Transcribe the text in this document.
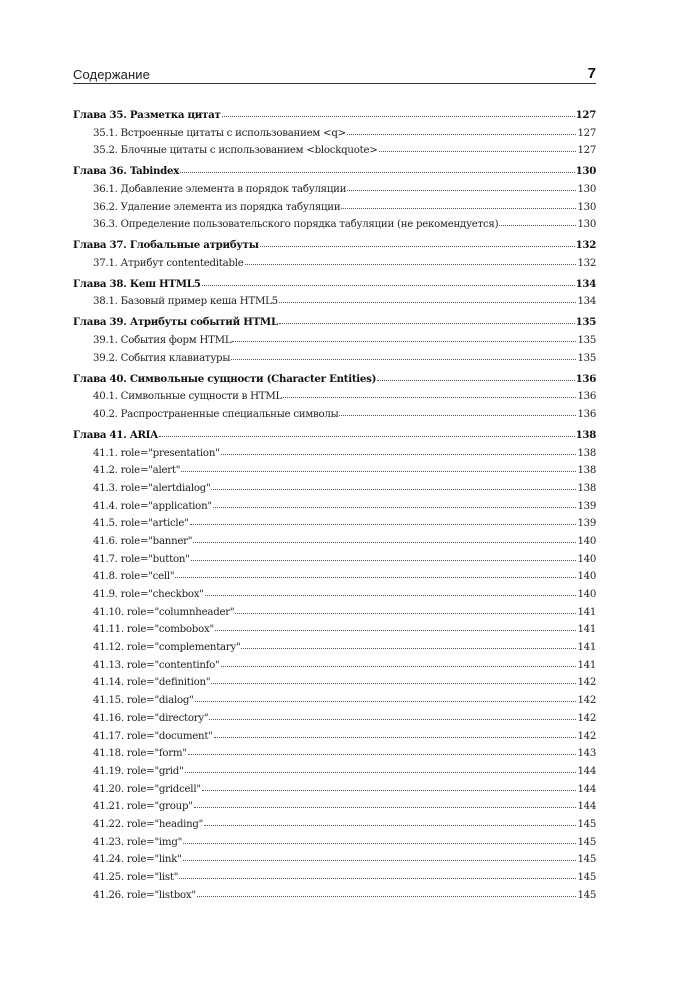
Содержание	7
Глава 35. Разметка цитат	127
35.1. Встроенные цитаты с использованием <q>	127
35.2. Блочные цитаты с использованием <blockquote>	127
Глава 36. Tabindex	130
36.1. Добавление элемента в порядок табуляции	130
36.2. Удаление элемента из порядка табуляции	130
36.3. Определение пользовательского порядка табуляции (не рекомендуется)	130
Глава 37. Глобальные атрибуты	132
37.1. Атрибут contenteditable	132
Глава 38. Кеш HTML5	134
38.1. Базовый пример кеша HTML5	134
Глава 39. Атрибуты событий HTML	135
39.1. События форм HTML	135
39.2. События клавиатуры	135
Глава 40. Символьные сущности (Character Entities)	136
40.1. Символьные сущности в HTML	136
40.2. Распространенные специальные символы	136
Глава 41. ARIA	138
41.1. role="presentation"	138
41.2. role="alert"	138
41.3. role="alertdialog"	138
41.4. role="application"	139
41.5. role="article"	139
41.6. role="banner"	140
41.7. role="button"	140
41.8. role="cell"	140
41.9. role="checkbox"	140
41.10. role="columnheader"	141
41.11. role="combobox"	141
41.12. role="complementary"	141
41.13. role="contentinfo"	141
41.14. role="definition"	142
41.15. role="dialog"	142
41.16. role="directory"	142
41.17. role="document"	142
41.18. role="form"	143
41.19. role="grid"	144
41.20. role="gridcell"	144
41.21. role="group"	144
41.22. role="heading"	145
41.23. role="img"	145
41.24. role="link"	145
41.25. role="list"	145
41.26. role="listbox"	145
